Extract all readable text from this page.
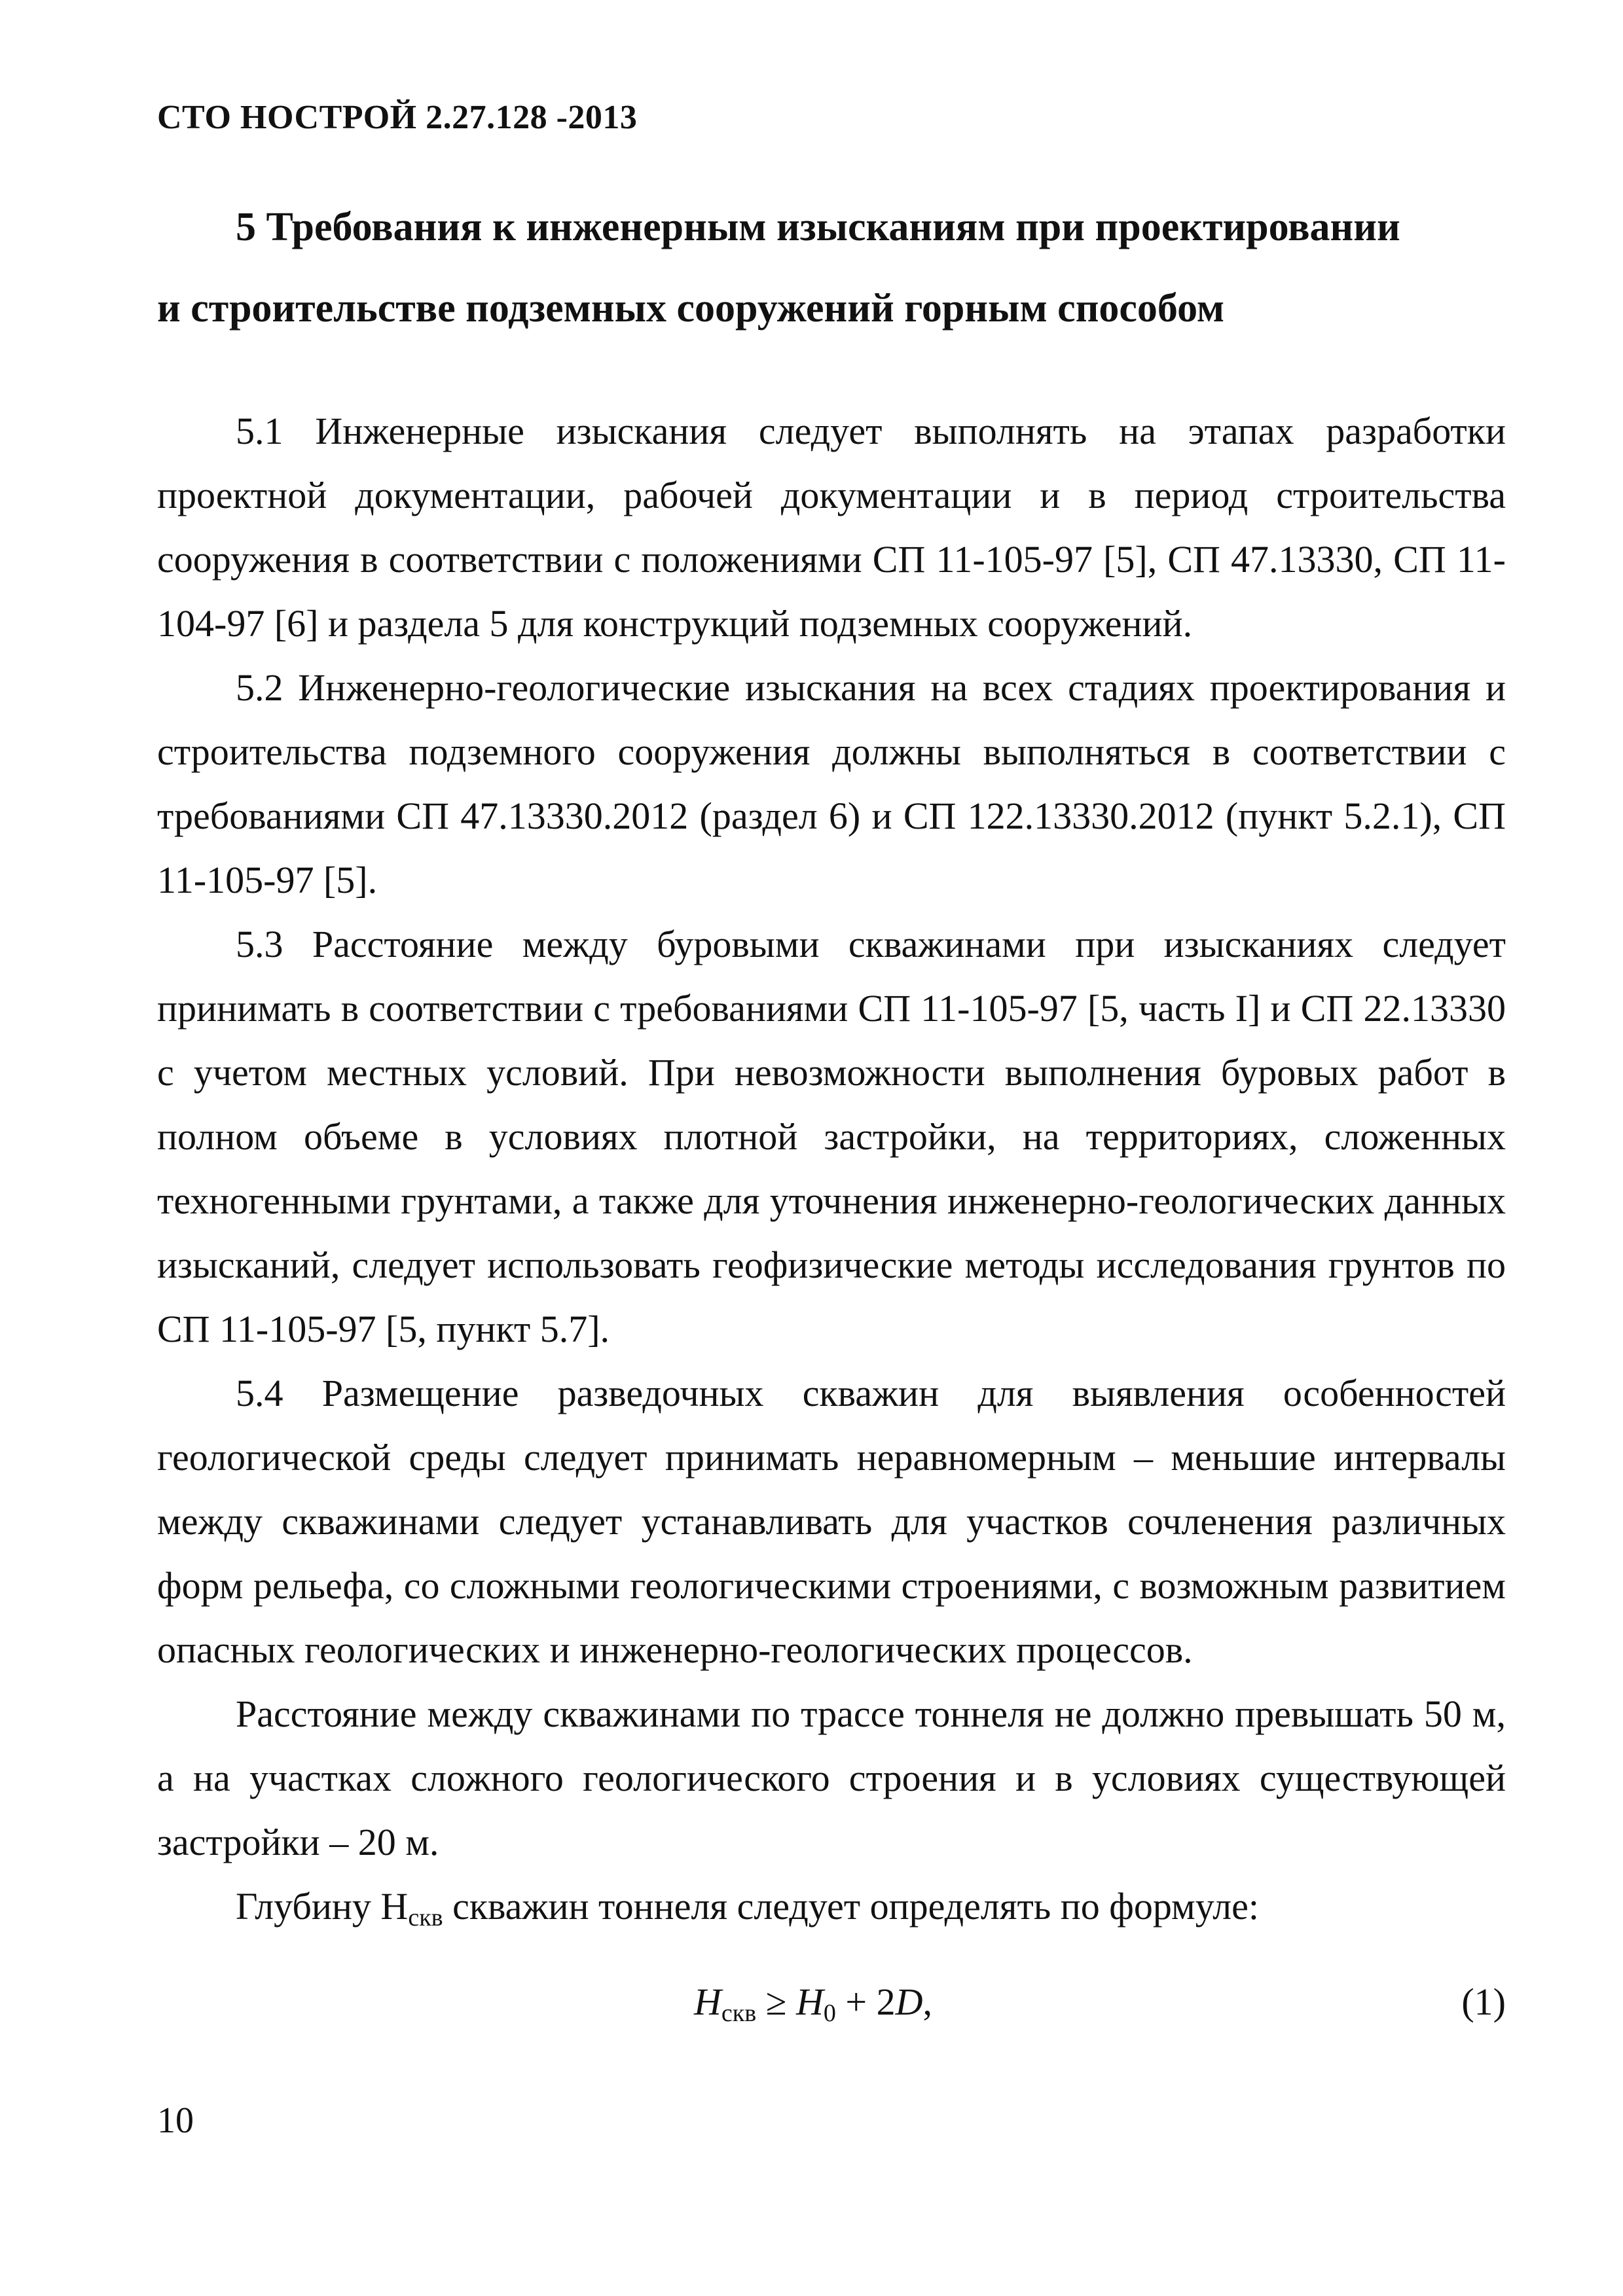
СТО НОСТРОЙ 2.27.128 -2013
5 Требования к инженерным изысканиям при проектировании
и строительстве подземных сооружений горным способом

5.1 Инженерные изыскания следует выполнять на этапах разработки проектной документации, рабочей документации и в период строительства сооружения в соответствии с положениями СП 11-105-97 [5], СП 47.13330, СП 11-104-97 [6] и раздела 5 для конструкций подземных сооружений.

5.2 Инженерно-геологические изыскания на всех стадиях проектирования и строительства подземного сооружения должны выполняться в соответствии с требованиями СП 47.13330.2012 (раздел 6) и СП 122.13330.2012 (пункт 5.2.1), СП 11-105-97 [5].

5.3 Расстояние между буровыми скважинами при изысканиях следует принимать в соответствии с требованиями СП 11-105-97 [5, часть I] и СП 22.13330 с учетом местных условий. При невозможности выполнения буровых работ в полном объеме в условиях плотной застройки, на территориях, сложенных техногенными грунтами, а также для уточнения инженерно-геологических данных изысканий, следует использовать геофизические методы исследования грунтов по СП 11-105-97 [5, пункт 5.7].

5.4 Размещение разведочных скважин для выявления особенностей геологической среды следует принимать неравномерным – меньшие интервалы между скважинами следует устанавливать для участков сочленения различных форм рельефа, со сложными геологическими строениями, с возможным развитием опасных геологических и инженерно-геологических процессов.

Расстояние между скважинами по трассе тоннеля не должно превышать 50 м, а на участках сложного геологического строения и в условиях существующей застройки – 20 м.

Глубину $Н_{скв}$ скважин тоннеля следует определять по формуле:

$H_{скв} \ge H_0 + 2D$,	(1)
10
